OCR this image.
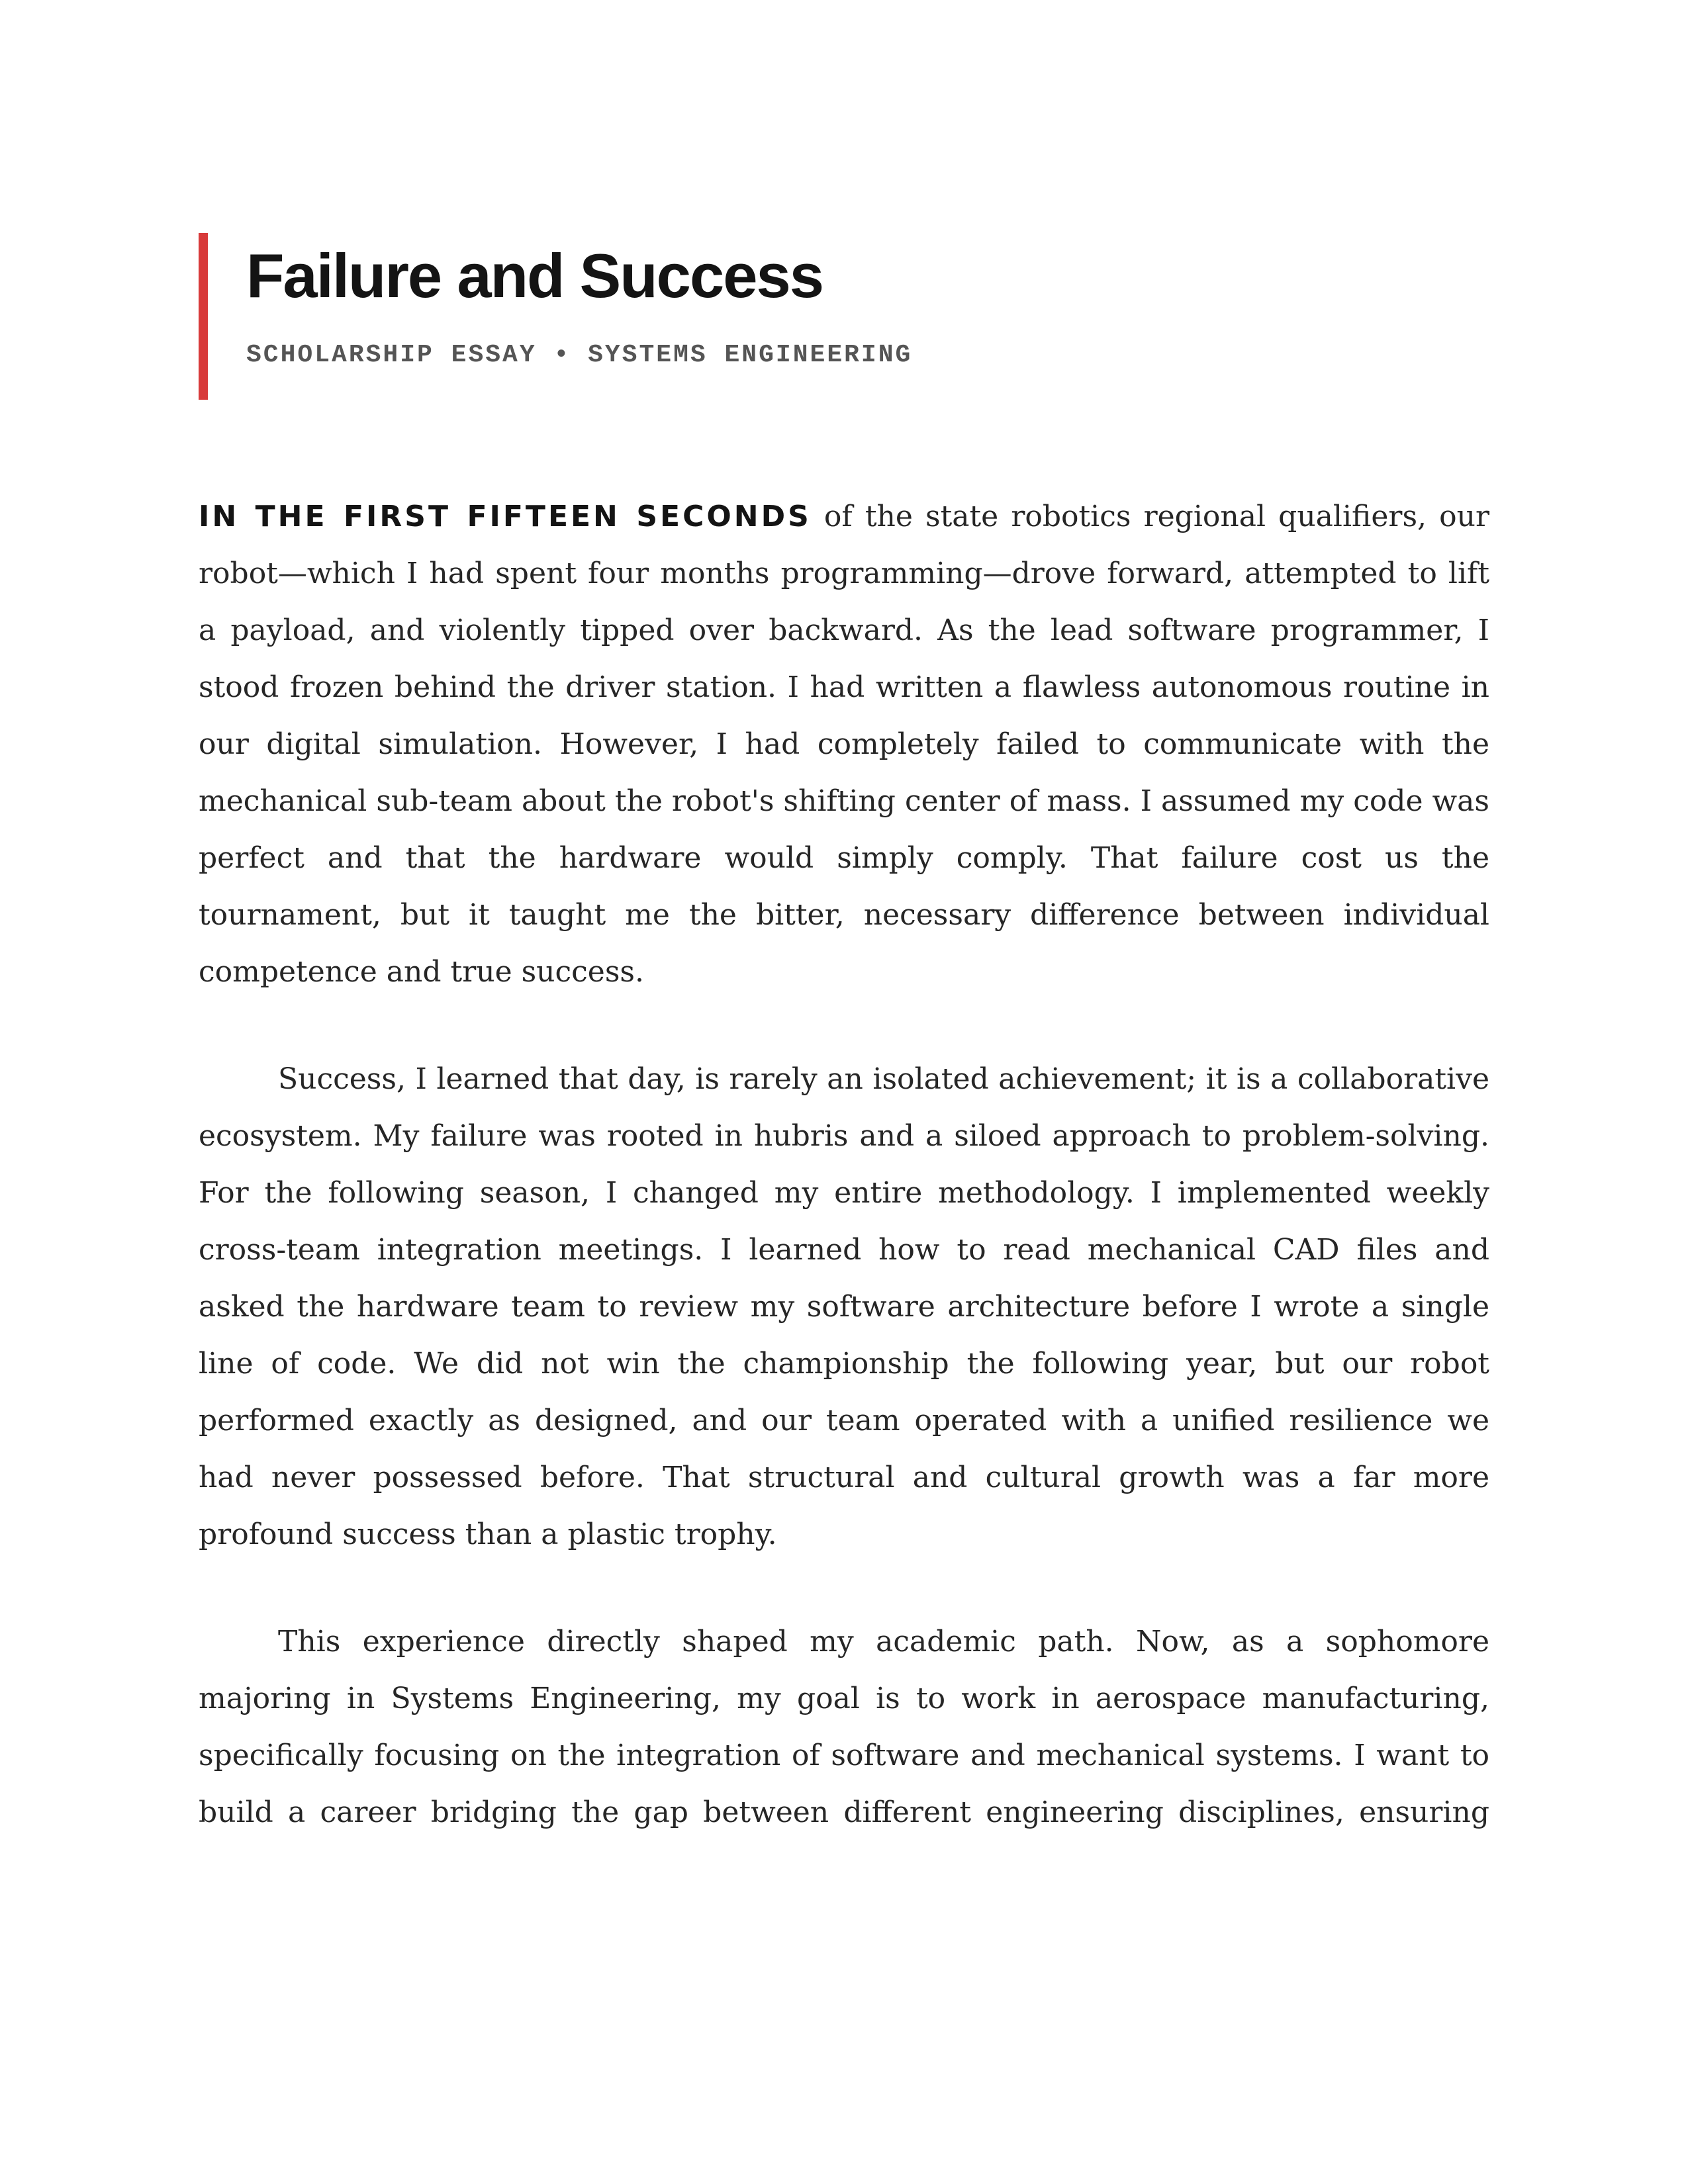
Failure and Success
SCHOLARSHIP ESSAY • SYSTEMS ENGINEERING

IN THE FIRST FIFTEEN SECONDS of the state robotics regional qualifiers, our robot—which I had spent four months programming—drove forward, attempted to lift a payload, and violently tipped over backward. As the lead software programmer, I stood frozen behind the driver station. I had written a flawless autonomous routine in our digital simulation. However, I had completely failed to communicate with the mechanical sub-team about the robot's shifting center of mass. I assumed my code was perfect and that the hardware would simply comply. That failure cost us the tournament, but it taught me the bitter, necessary difference between individual competence and true success.

Success, I learned that day, is rarely an isolated achievement; it is a collaborative ecosystem. My failure was rooted in hubris and a siloed approach to problem-solving. For the following season, I changed my entire methodology. I implemented weekly cross-team integration meetings. I learned how to read mechanical CAD files and asked the hardware team to review my software architecture before I wrote a single line of code. We did not win the championship the following year, but our robot performed exactly as designed, and our team operated with a unified resilience we had never possessed before. That structural and cultural growth was a far more profound success than a plastic trophy.

This experience directly shaped my academic path. Now, as a sophomore majoring in Systems Engineering, my goal is to work in aerospace manufacturing, specifically focusing on the integration of software and mechanical systems. I want to build a career bridging the gap between different engineering disciplines, ensuring
